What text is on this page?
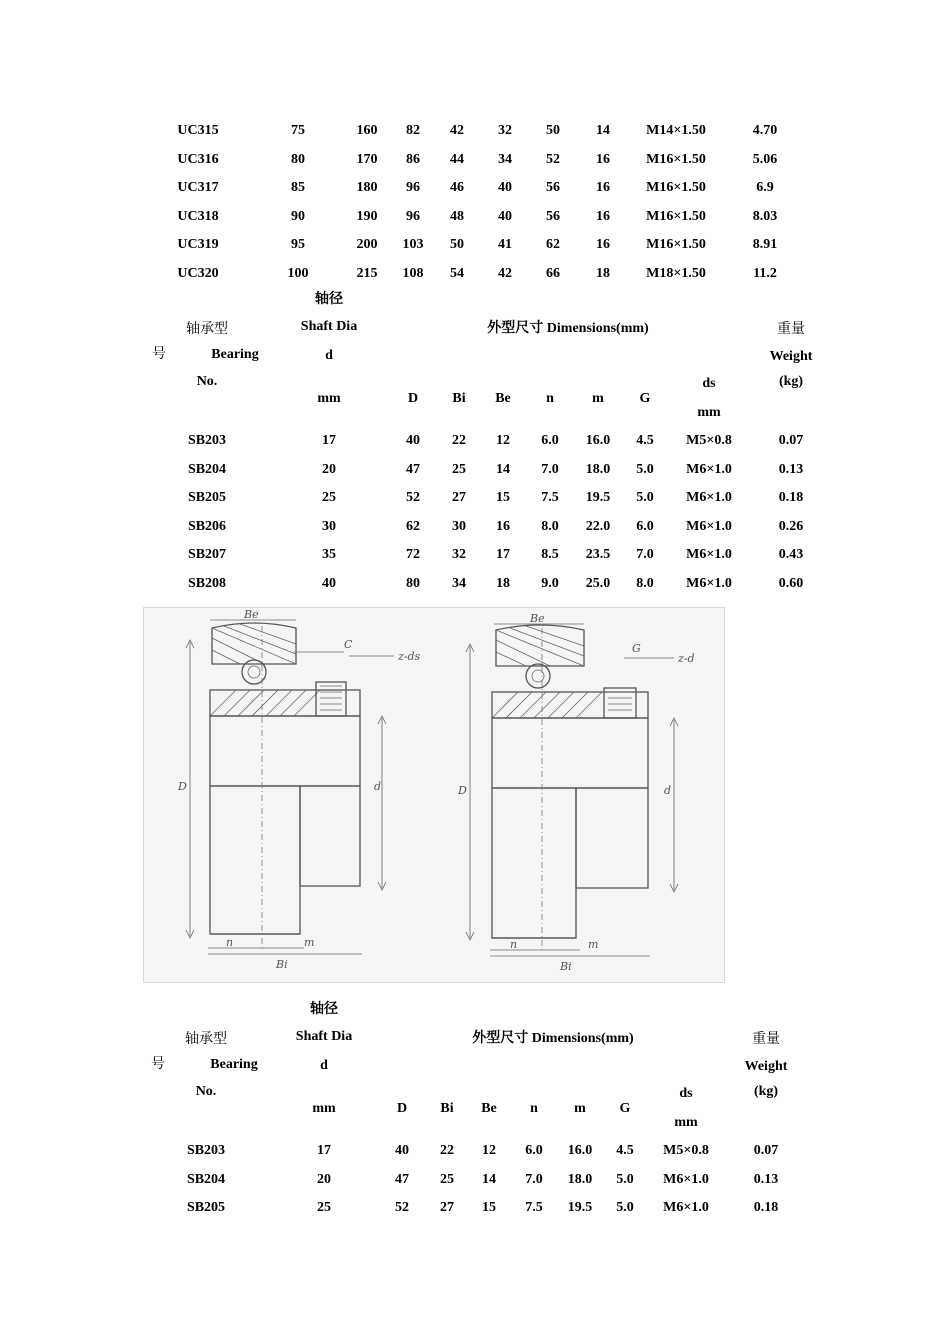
UC315	75	160 82 42 32 50	14	M14×1.50	4.70
UC316	80	170 86 44 34 52	16	M16×1.50	5.06
UC317	85	180 96 46 40 56	16	M16×1.50	6.9
UC318	90	190 96 48 40 56	16	M16×1.50	8.03
UC319	95	200 103 50 41 62	16	M16×1.50	8.91
UC320	100	215 108 54 42 66	18	M18×1.50	11.2
轴径
轴承型	Shaft Dia	外型尺寸 Dimensions(mm)	重量
号	Bearing	d	Weight
No.	ds	(kg)
mm	D Bi Be	n	m	G
mm
SB203	17	40 22 12 6.0 16.0 4.5 M5×0.8	0.07
SB204	20	47 25 14 7.0 18.0 5.0 M6×1.0	0.13
SB205	25	52 27 15 7.5 19.5 5.0 M6×1.0	0.18
SB206	30	62 30 16 8.0 22.0 6.0 M6×1.0	0.26
SB207	35	72 32 17 8.5 23.5 7.0 M6×1.0	0.43
SB208	40	80 34 18 9.0 25.0 8.0 M6×1.0	0.60
Be
C
z-ds
D	d
n	m
Bi
Be
G
z-d
D	d
n	m
Bi
轴径
轴承型	Shaft Dia	外型尺寸 Dimensions(mm)	重量
号	Bearing	d	Weight
No.	ds	(kg)
mm	D Bi Be n	m G
mm
SB203	17	40 22 12 6.0 16.0 4.5 M5×0.8	0.07
SB204	20	47 25 14 7.0 18.0 5.0 M6×1.0	0.13
SB205	25	52 27 15 7.5 19.5 5.0 M6×1.0	0.18
